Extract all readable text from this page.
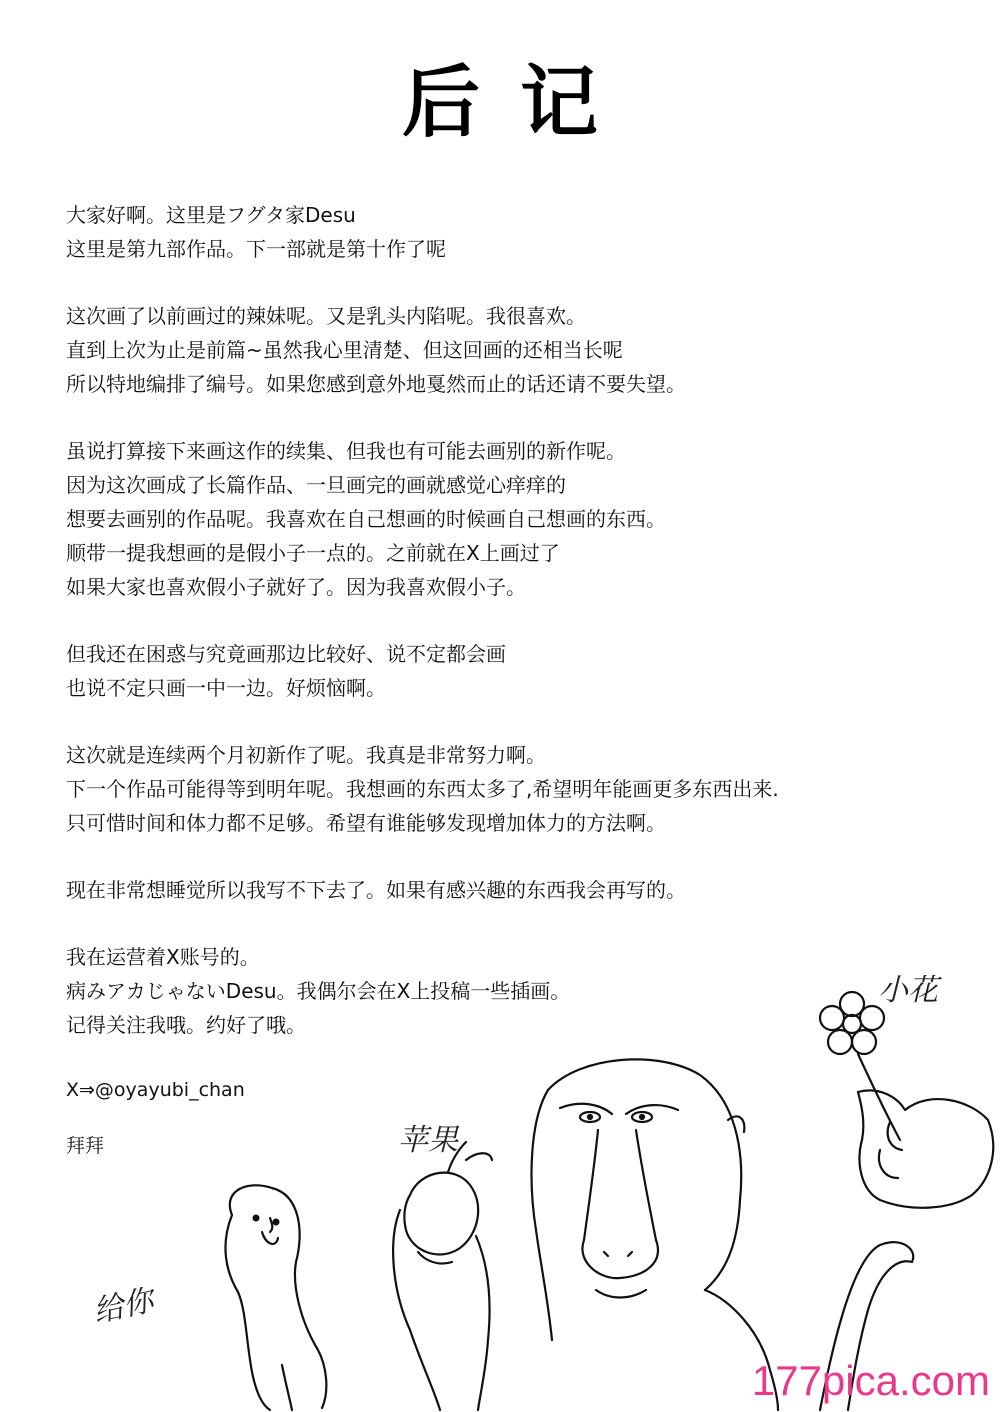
后记
大家好啊。这里是フグタ家Desu
这里是第九部作品。下一部就是第十作了呢
这次画了以前画过的辣妹呢。又是乳头内陷呢。我很喜欢。
直到上次为止是前篇~虽然我心里清楚、但这回画的还相当长呢
所以特地编排了编号。如果您感到意外地戛然而止的话还请不要失望。
虽说打算接下来画这作的续集、但我也有可能去画别的新作呢。
因为这次画成了长篇作品、一旦画完的画就感觉心痒痒的
想要去画别的作品呢。我喜欢在自己想画的时候画自己想画的东西。
顺带一提我想画的是假小子一点的。之前就在X上画过了
如果大家也喜欢假小子就好了。因为我喜欢假小子。
但我还在困惑与究竟画那边比较好、说不定都会画
也说不定只画一中一边。好烦恼啊。
这次就是连续两个月初新作了呢。我真是非常努力啊。
下一个作品可能得等到明年呢。我想画的东西太多了,希望明年能画更多东西出来.
只可惜时间和体力都不足够。希望有谁能够发现增加体力的方法啊。
现在非常想睡觉所以我写不下去了。如果有感兴趣的东西我会再写的。
我在运营着X账号的。
病みアカじゃないDesu。我偶尔会在X上投稿一些插画。
记得关注我哦。约好了哦。
X⇒@oyayubi_chan
拜拜
小花
苹果
给你
177pica.com
